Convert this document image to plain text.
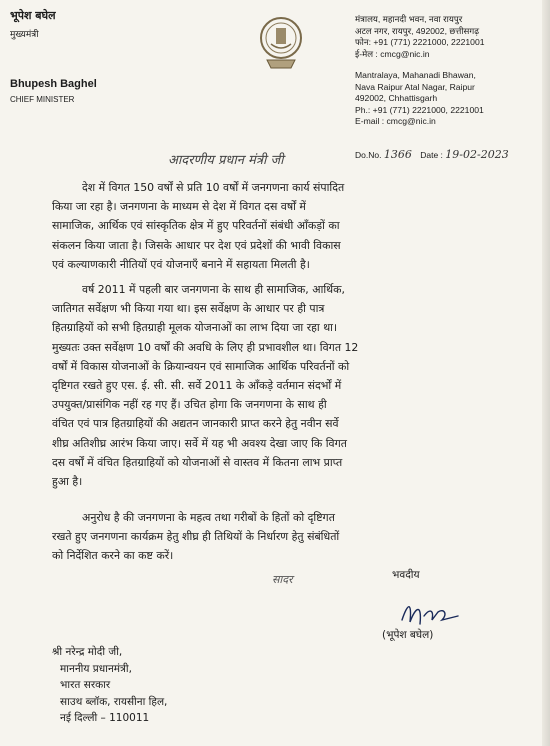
भूपेश बघेल
मुख्यमंत्री
Bhupesh Baghel
CHIEF MINISTER
मंत्रालय, महानदी भवन, नवा रायपुर
अटल नगर, रायपुर, 492002, छत्तीसगढ़
फोन: +91 (771) 2221000, 2221001
ई-मेल : cmcg@nic.in
Mantralaya, Mahanadi Bhawan,
Nava Raipur Atal Nagar, Raipur
492002, Chhattisgarh
Ph.: +91 (771) 2221000, 2221001
E-mail : cmcg@nic.in
Do.No. 1366 Date : 19-02-2023
आदरणीय प्रधान मंत्री जी
देश में विगत 150 वर्षों से प्रति 10 वर्षों में जनगणना कार्य संपादित
किया जा रहा है। जनगणना के माध्यम से देश में विगत दस वर्षों में
सामाजिक, आर्थिक एवं सांस्कृतिक क्षेत्र में हुए परिवर्तनों संबंधी आँकड़ों का
संकलन किया जाता है। जिसके आधार पर देश एवं प्रदेशों की भावी विकास
एवं कल्याणकारी नीतियों एवं योजनाएँ बनाने में सहायता मिलती है।
वर्ष 2011 में पहली बार जनगणना के साथ ही सामाजिक, आर्थिक,
जातिगत सर्वेक्षण भी किया गया था। इस सर्वेक्षण के आधार पर ही पात्र
हितग्राहियों को सभी हितग्राही मूलक योजनाओं का लाभ दिया जा रहा था।
मुख्यतः उक्त सर्वेक्षण 10 वर्षों की अवधि के लिए ही प्रभावशील था। विगत 12
वर्षों में विकास योजनाओं के क्रियान्वयन एवं सामाजिक आर्थिक परिवर्तनों को
दृष्टिगत रखते हुए एस. ई. सी. सी. सर्वे 2011 के आँकड़े वर्तमान संदर्भों में
उपयुक्त/प्रासंगिक नहीं रह गए हैं। उचित होगा कि जनगणना के साथ ही
वंचित एवं पात्र हितग्राहियों की अद्यतन जानकारी प्राप्त करने हेतु नवीन सर्वे
शीघ्र अतिशीघ्र आरंभ किया जाए। सर्वे में यह भी अवश्य देखा जाए कि विगत
दस वर्षों में वंचित हितग्राहियों को योजनाओं से वास्तव में कितना लाभ प्राप्त
हुआ है।
अनुरोध है की जनगणना के महत्व तथा गरीबों के हितों को दृष्टिगत
रखते हुए जनगणना कार्यक्रम हेतु शीघ्र ही तिथियों के निर्धारण हेतु संबंधितों
को निर्देशित करने का कष्ट करें।
सादर	भवदीय
(भूपेश बघेल)
श्री नरेन्द्र मोदी जी,
माननीय प्रधानमंत्री,
भारत सरकार
साउथ ब्लॉक, रायसीना हिल,
नई दिल्ली – 110011
